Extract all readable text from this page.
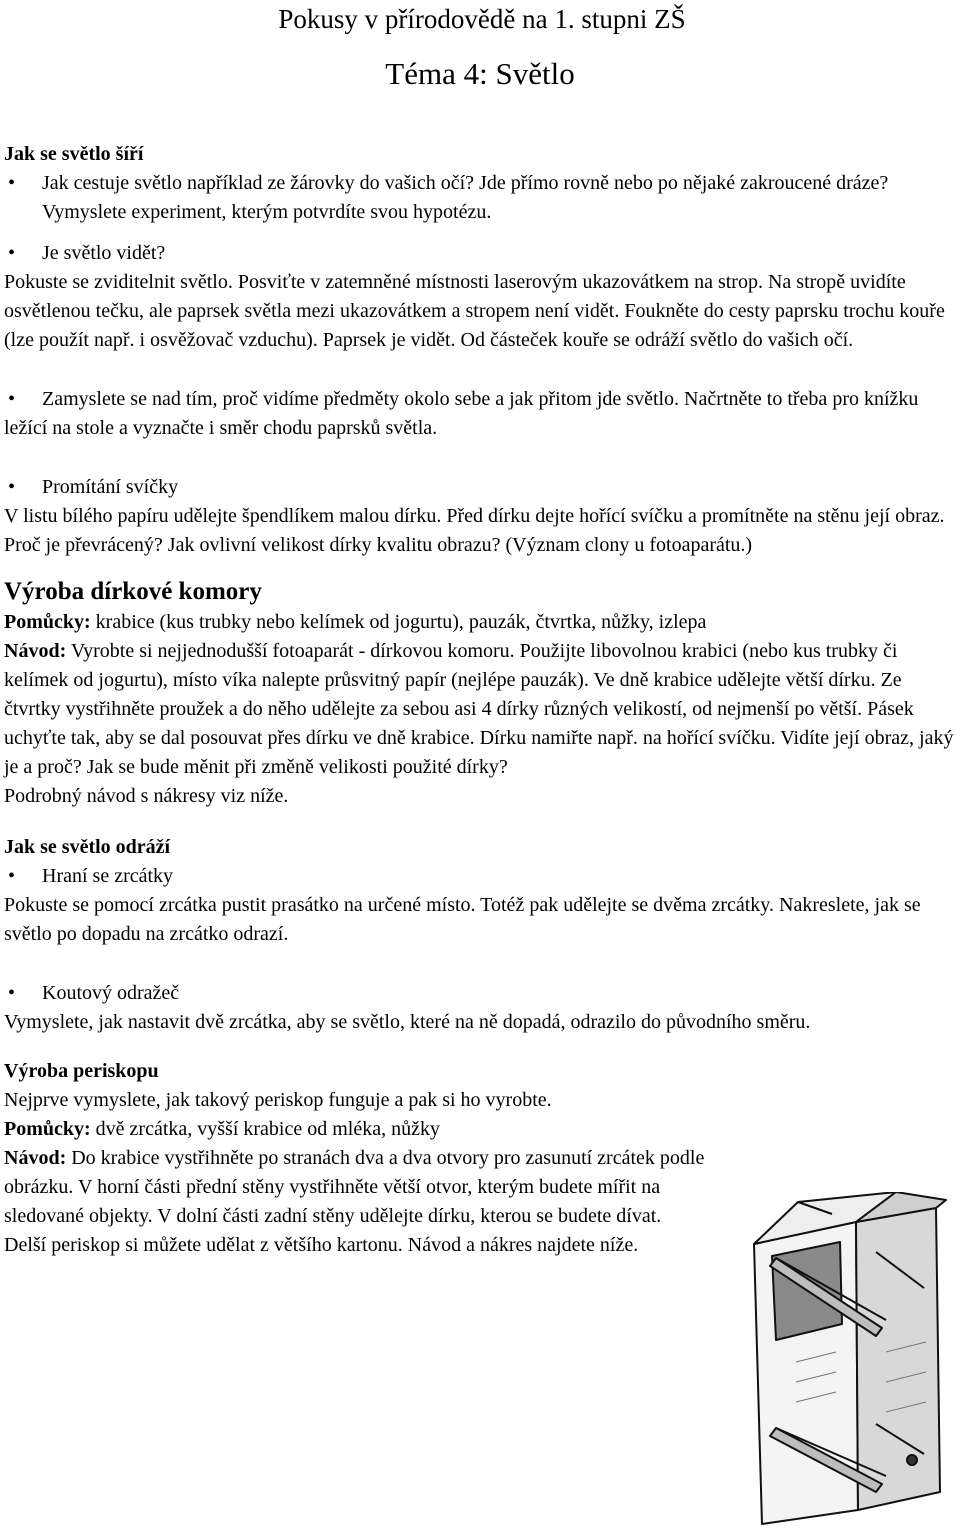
Pokusy v přírodovědě na 1. stupni ZŠ
Téma 4: Světlo
Jak se světlo šíří

• Jak cestuje světlo například ze žárovky do vašich očí? Jde přímo rovně nebo po nějaké zakroucené dráze? Vymyslete experiment, kterým potvrdíte svou hypotézu.

• Je světlo vidět?

Pokuste se zviditelnit světlo. Posviťte v zatemněné místnosti laserovým ukazovátkem na strop. Na stropě uvidíte osvětlenou tečku, ale paprsek světla mezi ukazovátkem a stropem není vidět. Foukněte do cesty paprsku trochu kouře (lze použít např. i osvěžovač vzduchu). Paprsek je vidět. Od částeček kouře se odráží světlo do vašich očí.

• Zamyslete se nad tím, proč vidíme předměty okolo sebe a jak přitom jde světlo. Načrtněte to třeba pro knížku ležící na stole a vyznačte i směr chodu paprsků světla.

• Promítání svíčky

V listu bílého papíru udělejte špendlíkem malou dírku. Před dírku dejte hořící svíčku a promítněte na stěnu její obraz. Proč je převrácený? Jak ovlivní velikost dírky kvalitu obrazu? (Význam clony u fotoaparátu.)

Výroba dírkové komory

Pomůcky: krabice (kus trubky nebo kelímek od jogurtu), pauzák, čtvrtka, nůžky, izlepa

Návod: Vyrobte si nejjednodušší fotoaparát - dírkovou komoru. Použijte libovolnou krabici (nebo kus trubky či kelímek od jogurtu), místo víka nalepte průsvitný papír (nejlépe pauzák). Ve dně krabice udělejte větší dírku. Ze čtvrtky vystřihněte proužek a do něho udělejte za sebou asi 4 dírky různých velikostí, od nejmenší po větší. Pásek uchyťte tak, aby se dal posouvat přes dírku ve dně krabice. Dírku namiřte např. na hořící svíčku. Vidíte její obraz, jaký je a proč? Jak se bude měnit při změně velikosti použité dírky?

Podrobný návod s nákresy viz níže.

Jak se světlo odráží

• Hraní se zrcátky

Pokuste se pomocí zrcátka pustit prasátko na určené místo. Totéž pak udělejte se dvěma zrcátky. Nakreslete, jak se světlo po dopadu na zrcátko odrazí.

• Koutový odražeč

Vymyslete, jak nastavit dvě zrcátka, aby se světlo, které na ně dopadá, odrazilo do původního směru.

Výroba periskopu

Nejprve vymyslete, jak takový periskop funguje a pak si ho vyrobte.

Pomůcky: dvě zrcátka, vyšší krabice od mléka, nůžky

Návod: Do krabice vystřihněte po stranách dva a dva otvory pro zasunutí zrcátek podle obrázku. V horní části přední stěny vystřihněte větší otvor, kterým budete mířit na sledované objekty. V dolní části zadní stěny udělejte dírku, kterou se budete dívat.

Delší periskop si můžete udělat z většího kartonu. Návod a nákres najdete níže.
